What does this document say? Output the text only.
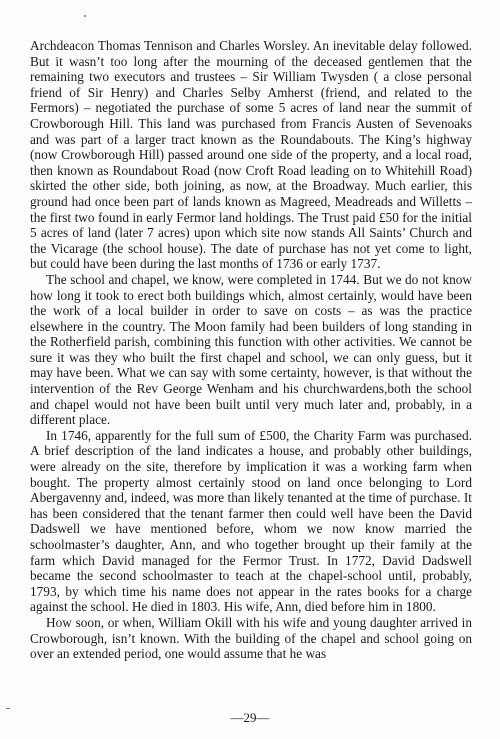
Archdeacon Thomas Tennison and Charles Worsley. An inevitable delay followed. But it wasn’t too long after the mourning of the deceased gentlemen that the remaining two executors and trustees – Sir William Twysden ( a close personal friend of Sir Henry) and Charles Selby Amherst (friend, and related to the Fermors) – negotiated the purchase of some 5 acres of land near the summit of Crowborough Hill. This land was purchased from Francis Austen of Sevenoaks and was part of a larger tract known as the Roundabouts. The King’s highway (now Crowborough Hill) passed around one side of the property, and a local road, then known as Roundabout Road (now Croft Road leading on to Whitehill Road) skirted the other side, both joining, as now, at the Broadway. Much earlier, this ground had once been part of lands known as Magreed, Meadreads and Willetts – the first two found in early Fermor land holdings. The Trust paid £50 for the initial 5 acres of land (later 7 acres) upon which site now stands All Saints’ Church and the Vicarage (the school house). The date of purchase has not yet come to light, but could have been during the last months of 1736 or early 1737.

The school and chapel, we know, were completed in 1744. But we do not know how long it took to erect both buildings which, almost certainly, would have been the work of a local builder in order to save on costs – as was the practice elsewhere in the country. The Moon family had been builders of long standing in the Rotherfield parish, combining this function with other activities. We cannot be sure it was they who built the first chapel and school, we can only guess, but it may have been. What we can say with some certainty, however, is that without the intervention of the Rev George Wenham and his churchwardens,both the school and chapel would not have been built until very much later and, probably, in a different place.

In 1746, apparently for the full sum of £500, the Charity Farm was purchased. A brief description of the land indicates a house, and probably other buildings, were already on the site, therefore by implication it was a working farm when bought. The property almost certainly stood on land once belonging to Lord Abergavenny and, indeed, was more than likely tenanted at the time of purchase. It has been considered that the tenant farmer then could well have been the David Dadswell we have mentioned before, whom we now know married the schoolmaster’s daughter, Ann, and who together brought up their family at the farm which David managed for the Fermor Trust. In 1772, David Dadswell became the second schoolmaster to teach at the chapel-school until, probably, 1793, by which time his name does not appear in the rates books for a charge against the school. He died in 1803. His wife, Ann, died before him in 1800.

How soon, or when, William Okill with his wife and young daughter arrived in Crowborough, isn’t known. With the building of the chapel and school going on over an extended period, one would assume that he was

—29—
